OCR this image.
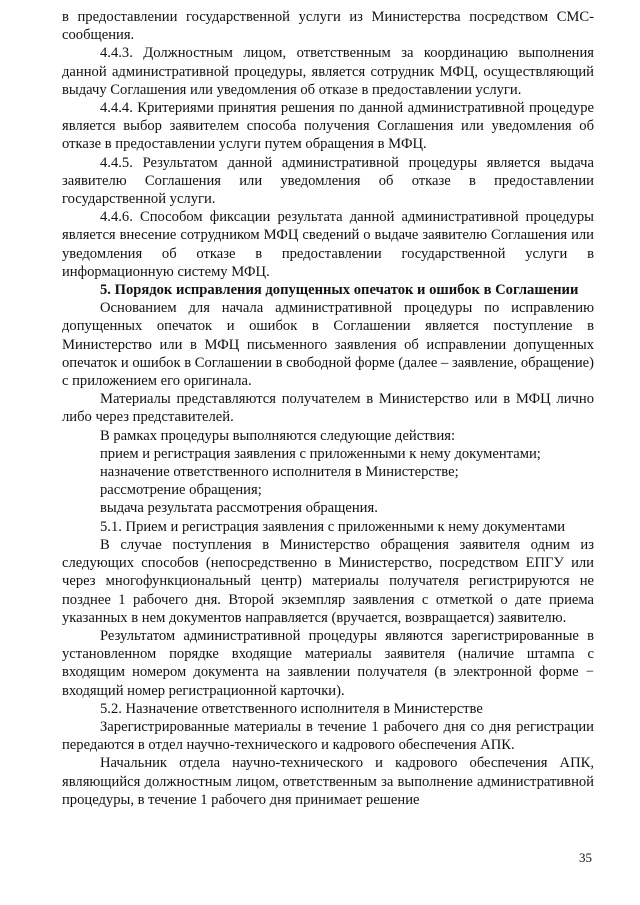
в предоставлении государственной услуги из Министерства посредством СМС-сообщения.

4.4.3. Должностным лицом, ответственным за координацию выполнения данной административной процедуры, является сотрудник МФЦ, осуществляющий выдачу Соглашения или уведомления об отказе в предоставлении услуги.

4.4.4. Критериями принятия решения по данной административной процедуре является выбор заявителем способа получения Соглашения или уведомления об отказе в предоставлении услуги путем обращения в МФЦ.

4.4.5. Результатом данной административной процедуры является выдача заявителю Соглашения или уведомления об отказе в предоставлении государственной услуги.

4.4.6. Способом фиксации результата данной административной процедуры является внесение сотрудником МФЦ сведений о выдаче заявителю Соглашения или уведомления об отказе в предоставлении государственной услуги в информационную систему МФЦ.

5. Порядок исправления допущенных опечаток и ошибок в Соглашении

Основанием для начала административной процедуры по исправлению допущенных опечаток и ошибок в Соглашении является поступление в Министерство или в МФЦ письменного заявления об исправлении допущенных опечаток и ошибок в Соглашении в свободной форме (далее – заявление, обращение) с приложением его оригинала.

Материалы представляются получателем в Министерство или в МФЦ лично либо через представителей.

В рамках процедуры выполняются следующие действия:

прием и регистрация заявления с приложенными к нему документами;

назначение ответственного исполнителя в Министерстве;

рассмотрение обращения;

выдача результата рассмотрения обращения.

5.1. Прием и регистрация заявления с приложенными к нему документами

В случае поступления в Министерство обращения заявителя одним из следующих способов (непосредственно в Министерство, посредством ЕПГУ или через многофункциональный центр) материалы получателя регистрируются не позднее 1 рабочего дня. Второй экземпляр заявления с отметкой о дате приема указанных в нем документов направляется (вручается, возвращается) заявителю.

Результатом административной процедуры являются зарегистрированные в установленном порядке входящие материалы заявителя (наличие штампа с входящим номером документа на заявлении получателя (в электронной форме − входящий номер регистрационной карточки).

5.2. Назначение ответственного исполнителя в Министерстве

Зарегистрированные материалы в течение 1 рабочего дня со дня регистрации передаются в отдел научно-технического и кадрового обеспечения АПК.

Начальник отдела научно-технического и кадрового обеспечения АПК, являющийся должностным лицом, ответственным за выполнение административной процедуры, в течение 1 рабочего дня принимает решение

35
